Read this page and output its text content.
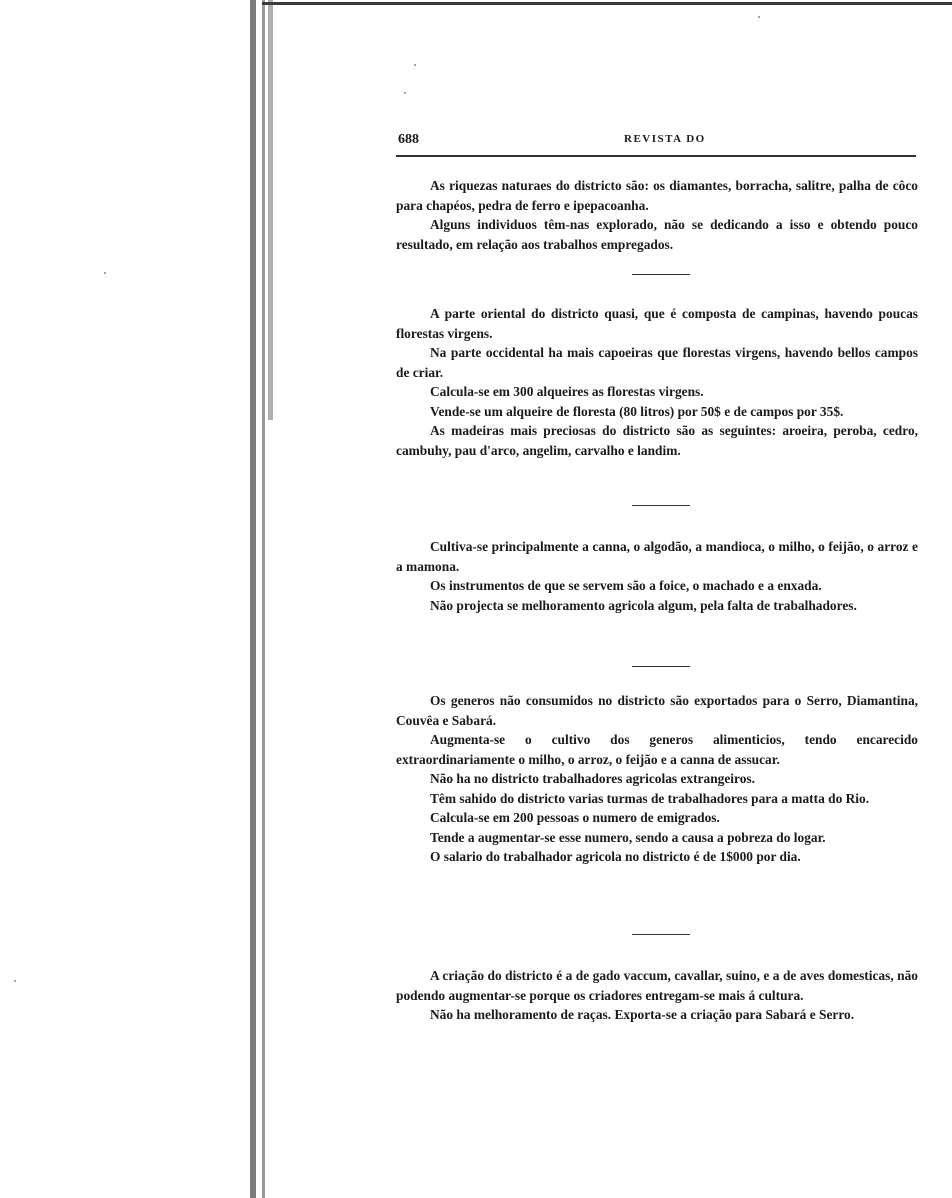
688	REVISTA DO

As riquezas naturaes do districto são: os diamantes, borracha, salitre, palha de côco para chapéos, pedra de ferro e ipepacoanha.

Alguns individuos têm-nas explorado, não se dedicando a isso e obtendo pouco resultado, em relação aos trabalhos empregados.

A parte oriental do districto quasi, que é composta de campinas, havendo poucas florestas virgens.

Na parte occidental ha mais capoeiras que florestas virgens, havendo bellos campos de criar.

Calcula-se em 300 alqueires as florestas virgens.

Vende-se um alqueire de floresta (80 litros) por 50$ e de campos por 35$.

As madeiras mais preciosas do districto são as seguintes: aroeira, peroba, cedro, cambuhy, pau d'arco, angelim, carvalho e landim.

Cultiva-se principalmente a canna, o algodão, a mandioca, o milho, o feijão, o arroz e a mamona.

Os instrumentos de que se servem são a foice, o machado e a enxada.

Não projecta se melhoramento agricola algum, pela falta de trabalhadores.

Os generos não consumidos no districto são exportados para o Serro, Diamantina, Couvêa e Sabará.

Augmenta-se o cultivo dos generos alimenticios, tendo encarecido extraordinariamente o milho, o arroz, o feijão e a canna de assucar.

Não ha no districto trabalhadores agricolas extrangeiros.

Têm sahido do districto varias turmas de trabalhadores para a matta do Rio.

Calcula-se em 200 pessoas o numero de emigrados.

Tende a augmentar-se esse numero, sendo a causa a pobreza do logar.

O salario do trabalhador agricola no districto é de 1$000 por dia.

A criação do districto é a de gado vaccum, cavallar, suino, e a de aves domesticas, não podendo augmentar-se porque os criadores entregam-se mais á cultura.

Não ha melhoramento de raças. Exporta-se a criação para Sabará e Serro.
